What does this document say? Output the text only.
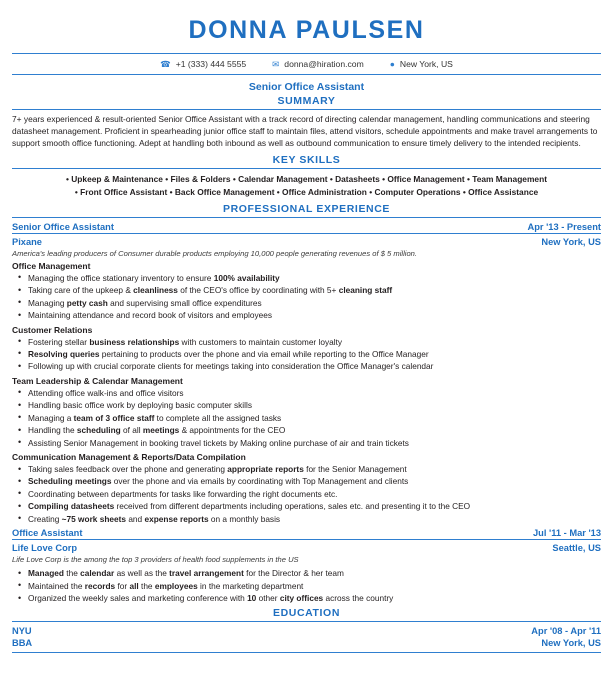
DONNA PAULSEN
☎ +1 (333) 444 5555	✉ donna@hiration.com	● New York, US
Senior Office Assistant
SUMMARY
7+ years experienced & result-oriented Senior Office Assistant with a track record of directing calendar management, handling communications and steering datasheet management. Proficient in spearheading junior office staff to maintain files, attend visitors, schedule appointments and make travel arrangements to support smooth office functioning. Adept at handling both inbound as well as outbound communication to ensure timely delivery to the intended recipients.
KEY SKILLS
• Upkeep & Maintenance • Files & Folders • Calendar Management • Datasheets • Office Management • Team Management
• Front Office Assistant • Back Office Management • Office Administration • Computer Operations • Office Assistance
PROFESSIONAL EXPERIENCE
Senior Office Assistant	Apr '13 - Present
Pixane	New York, US
America's leading producers of Consumer durable products employing 10,000 people generating revenues of $ 5 million.
Office Management
• Managing the office stationary inventory to ensure 100% availability
• Taking care of the upkeep & cleanliness of the CEO's office by coordinating with 5+ cleaning staff
• Managing petty cash and supervising small office expenditures
• Maintaining attendance and record book of visitors and employees
Customer Relations
• Fostering stellar business relationships with customers to maintain customer loyalty
• Resolving queries pertaining to products over the phone and via email while reporting to the Office Manager
• Following up with crucial corporate clients for meetings taking into consideration the Office Manager's calendar
Team Leadership & Calendar Management
• Attending office walk-ins and office visitors
• Handling basic office work by deploying basic computer skills
• Managing a team of 3 office staff to complete all the assigned tasks
• Handling the scheduling of all meetings & appointments for the CEO
• Assisting Senior Management in booking travel tickets by Making online purchase of air and train tickets
Communication Management & Reports/Data Compilation
• Taking sales feedback over the phone and generating appropriate reports for the Senior Management
• Scheduling meetings over the phone and via emails by coordinating with Top Management and clients
• Coordinating between departments for tasks like forwarding the right documents etc.
• Compiling datasheets received from different departments including operations, sales etc. and presenting it to the CEO
• Creating ~75 work sheets and expense reports on a monthly basis
Office Assistant	Jul '11 - Mar '13
Life Love Corp	Seattle, US
Life Love Corp is the among the top 3 providers of health food supplements in the US
• Managed the calendar as well as the travel arrangement for the Director & her team
• Maintained the records for all the employees in the marketing department
• Organized the weekly sales and marketing conference with 10 other city offices across the country
EDUCATION
NYU	Apr '08 - Apr '11
BBA	New York, US
